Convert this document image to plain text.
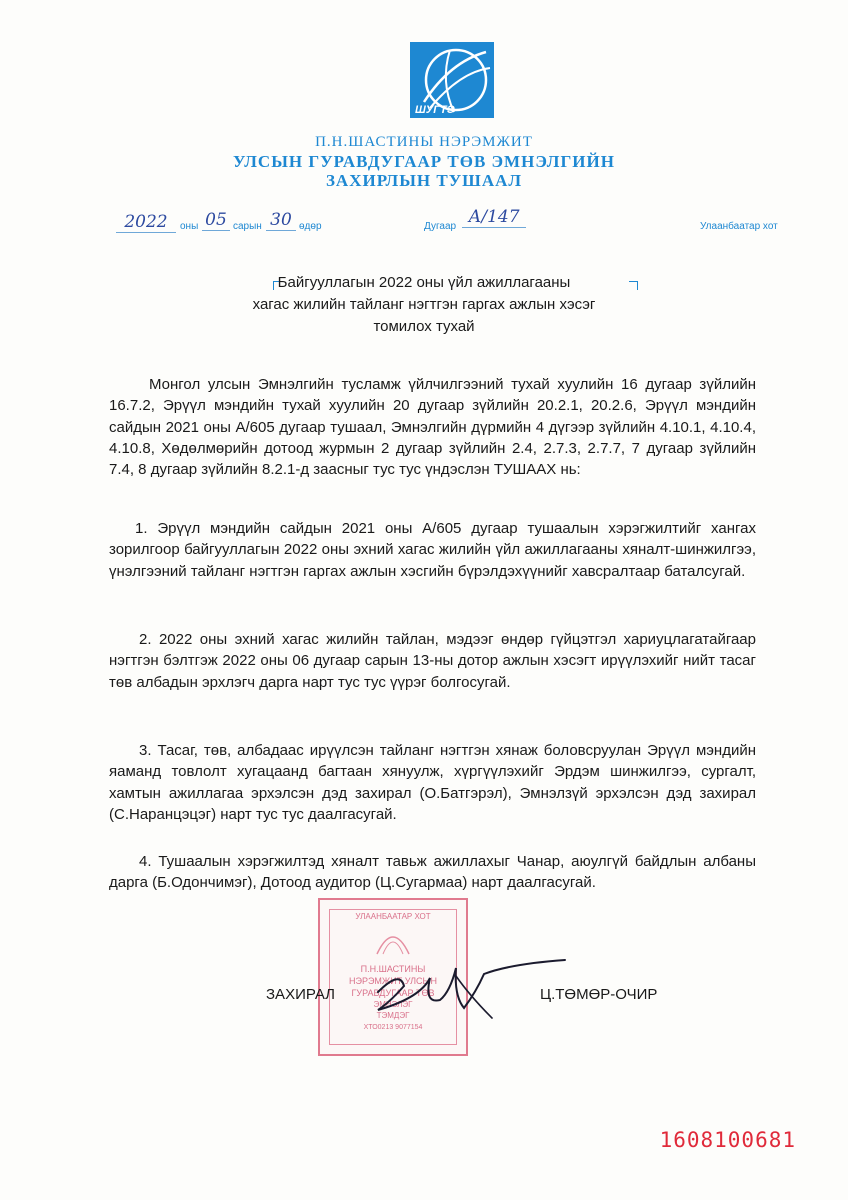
ШУГТЭ
П.Н.ШАСТИНЫ НЭРЭМЖИТ
УЛСЫН ГУРАВДУГААР ТӨВ ЭМНЭЛГИЙН
ЗАХИРЛЫН ТУШААЛ
2022	оны 05 сарын 30 өдөр	Дугаар А/147	Улаанбаатар хот
Байгууллагын 2022 оны үйл ажиллагааны
хагас жилийн тайланг нэгтгэн гаргах ажлын хэсэг
томилох тухай
Монгол улсын Эмнэлгийн тусламж үйлчилгээний тухай хуулийн 16 дугаар зүйлийн 16.7.2, Эрүүл мэндийн тухай хуулийн 20 дугаар зүйлийн 20.2.1, 20.2.6, Эрүүл мэндийн сайдын 2021 оны А/605 дугаар тушаал, Эмнэлгийн дүрмийн 4 дүгээр зүйлийн 4.10.1, 4.10.4, 4.10.8, Хөдөлмөрийн дотоод журмын 2 дугаар зүйлийн 2.4, 2.7.3, 2.7.7, 7 дугаар зүйлийн 7.4, 8 дугаар зүйлийн 8.2.1-д заасныг тус тус үндэслэн ТУШААХ нь:
1. Эрүүл мэндийн сайдын 2021 оны А/605 дугаар тушаалын хэрэгжилтийг хангах зорилгоор байгууллагын 2022 оны эхний хагас жилийн үйл ажиллагааны хяналт-шинжилгээ, үнэлгээний тайланг нэгтгэн гаргах ажлын хэсгийн бүрэлдэхүүнийг хавсралтаар баталсугай.
2. 2022 оны эхний хагас жилийн тайлан, мэдээг өндөр гүйцэтгэл хариуцлагатайгаар нэгтгэн бэлтгэж 2022 оны 06 дугаар сарын 13-ны дотор ажлын хэсэгт ирүүлэхийг нийт тасаг төв албадын эрхлэгч дарга нарт тус тус үүрэг болгосугай.
3. Тасаг, төв, албадаас ирүүлсэн тайланг нэгтгэн хянаж боловсруулан Эрүүл мэндийн яаманд товлолт хугацаанд багтаан хянуулж, хүргүүлэхийг Эрдэм шинжилгээ, сургалт, хамтын ажиллагаа эрхэлсэн дэд захирал (О.Батгэрэл), Эмнэлзүй эрхэлсэн дэд захирал (С.Наранцэцэг) нарт тус тус даалгасугай.
4. Тушаалын хэрэгжилтэд хяналт тавьж ажиллахыг Чанар, аюулгүй байдлын албаны дарга (Б.Одончимэг), Дотоод аудитор (Ц.Сугармаа) нарт даалгасугай.
УЛААНБААТАР ХОТ
П.Н.ШАСТИНЫ
НЭРЭМЖИТ УЛСЫН
ГУРАВДУГААР ТӨВ
ЭМНЭЛЭГ
ТЭМДЭГ
ХТО0213 9077154
ЗАХИРАЛ	Ц.ТӨМӨР-ОЧИР
1608100681
